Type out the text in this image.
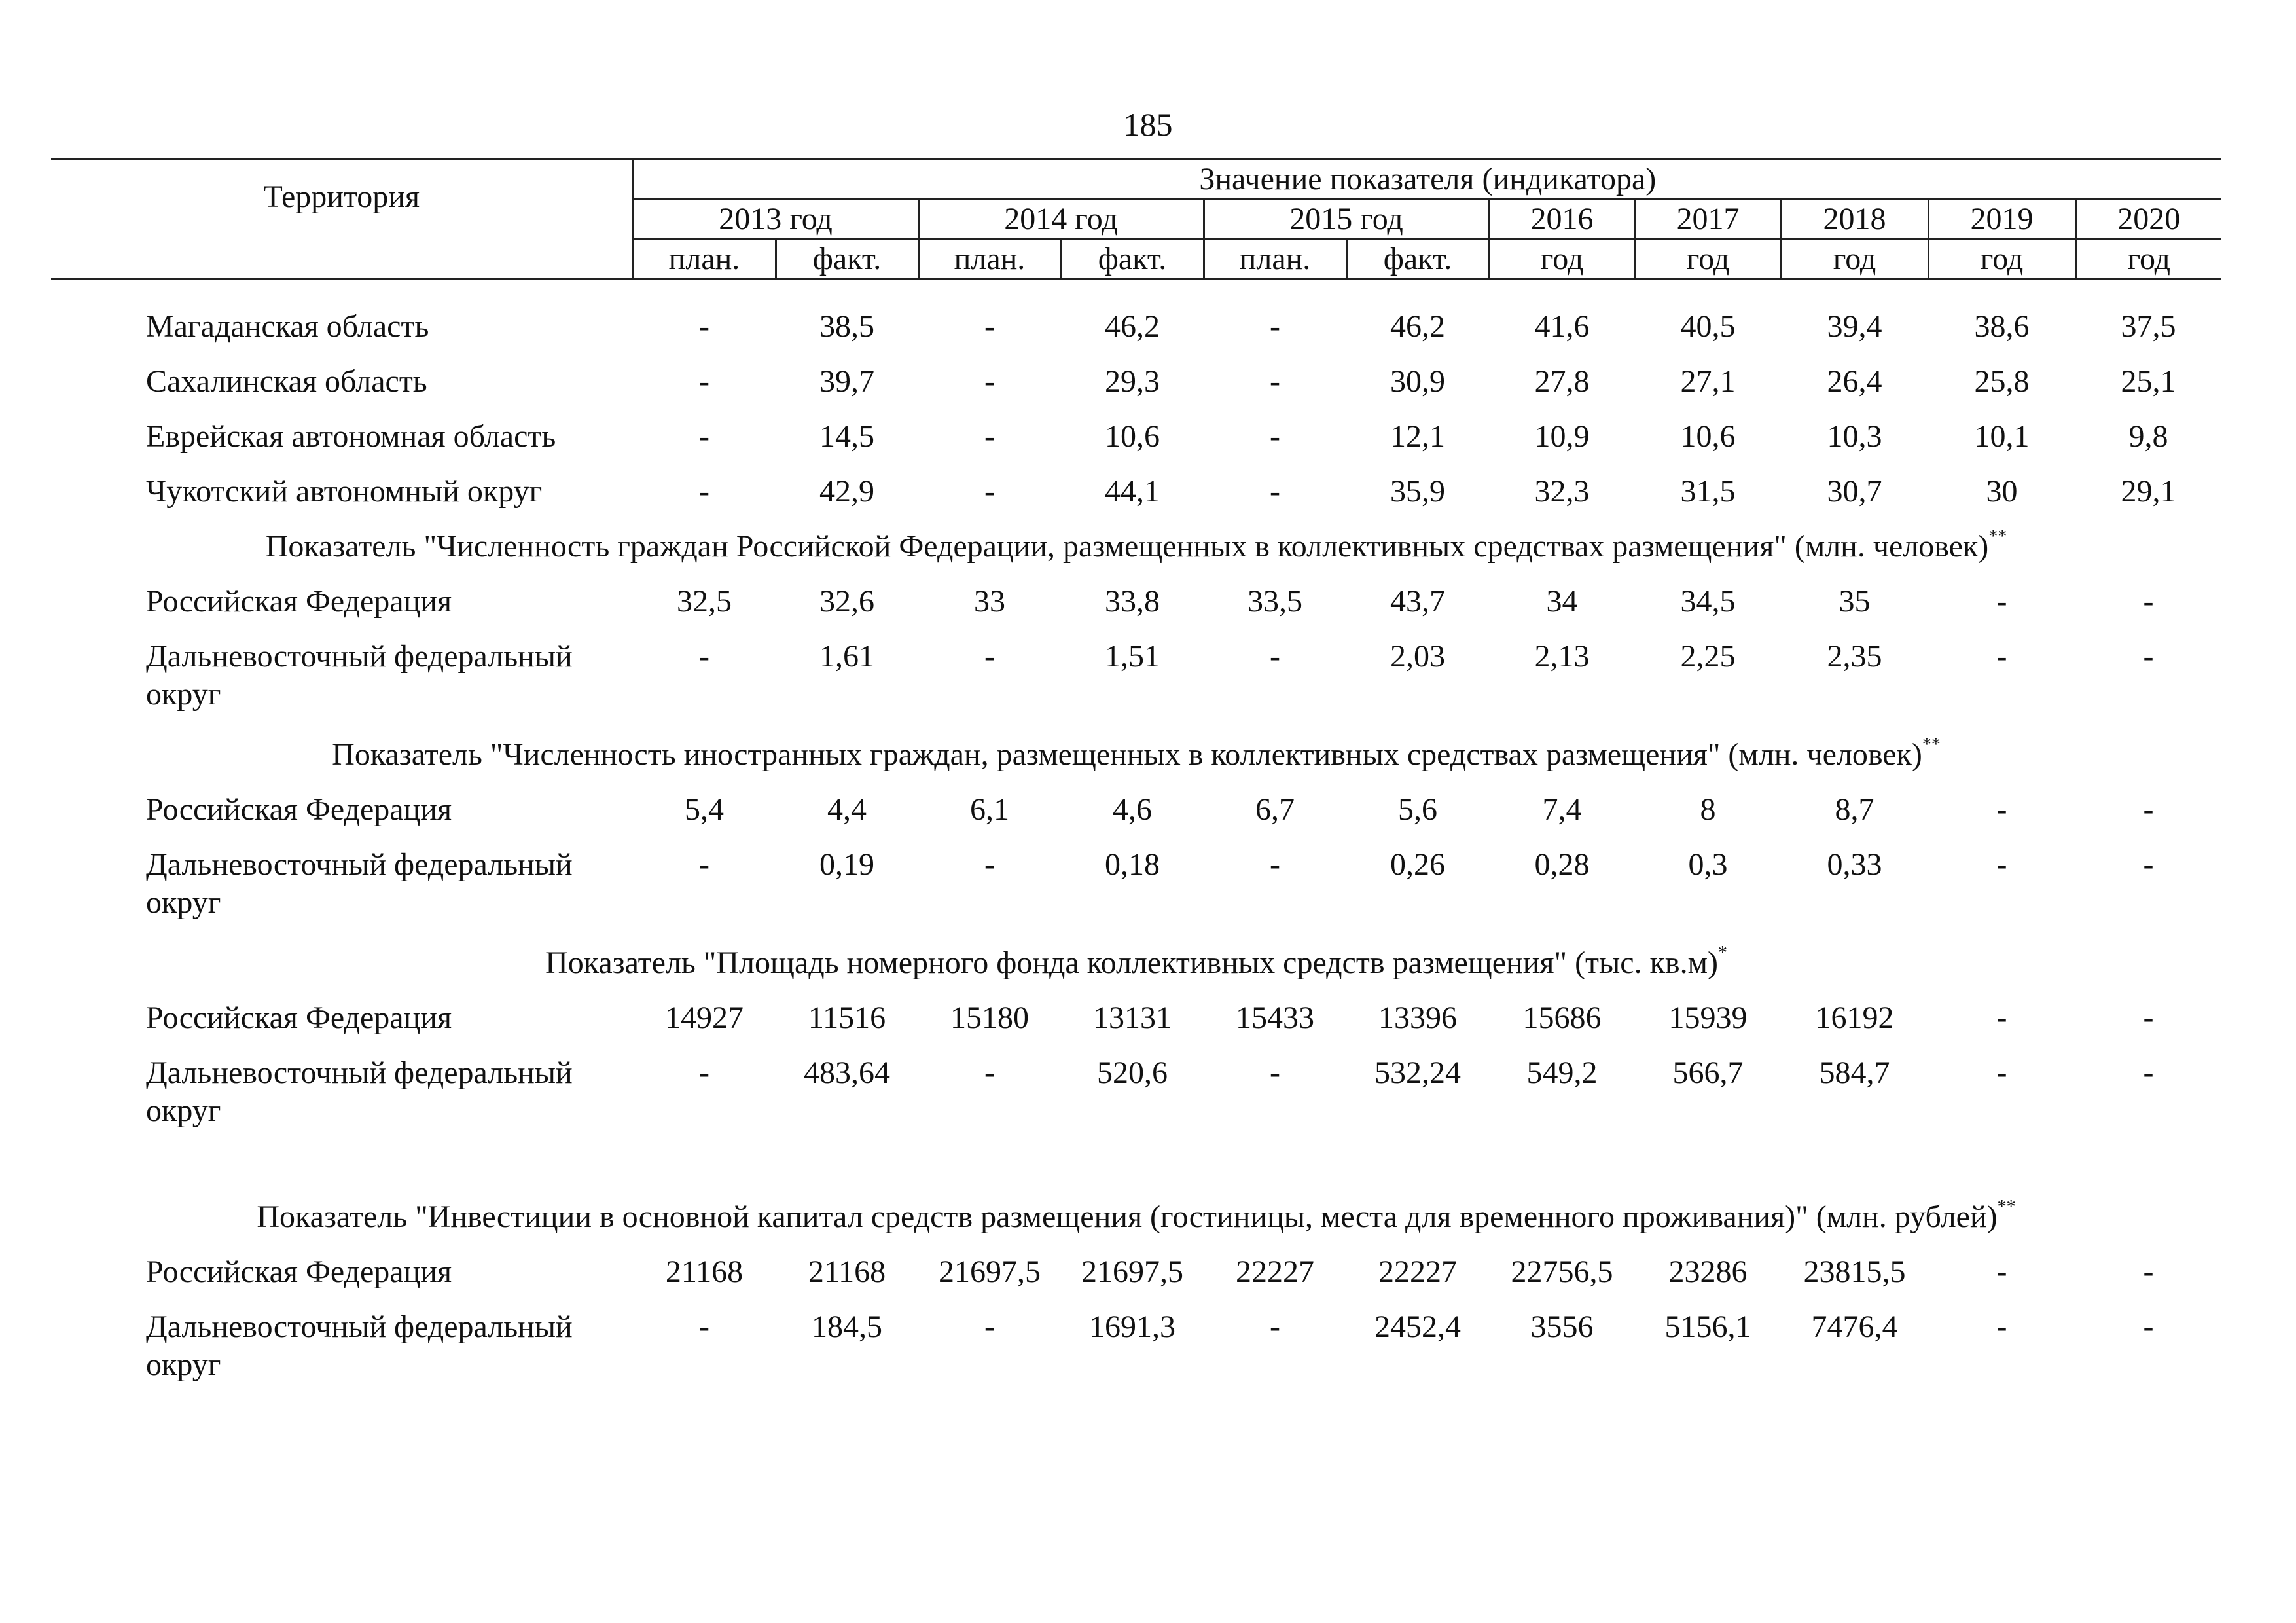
185
Территория	Значение показателя (индикатора)										
	2013 год		2014 год		2015 год		2016	2017	2018	2019	2020
	план.	факт.	план.	факт.	план.	факт.	год	год	год	год	год
Магаданская область	-	38,5	-	46,2	-	46,2	41,6	40,5	39,4	38,6	37,5
Сахалинская область	-	39,7	-	29,3	-	30,9	27,8	27,1	26,4	25,8	25,1
Еврейская автономная область	-	14,5	-	10,6	-	12,1	10,9	10,6	10,3	10,1	9,8
Чукотский автономный округ	-	42,9	-	44,1	-	35,9	32,3	31,5	30,7	30	29,1
Показатель "Численность граждан Российской Федерации, размещенных в коллективных средствах размещения" (млн. человек)**
Российская Федерация	32,5	32,6	33	33,8	33,5	43,7	34	34,5	35	-	-

Дальневосточный федеральный
округ	-	1,61	-	1,51	-	2,03	2,13	2,25	2,35	-	-
Показатель "Численность иностранных граждан, размещенных в коллективных средствах размещения" (млн. человек)**
Российская Федерация	5,4	4,4	6,1	4,6	6,7	5,6	7,4	8	8,7	-	-

Дальневосточный федеральный
округ	-	0,19	-	0,18	-	0,26	0,28	0,3	0,33	-	-
Показатель "Площадь номерного фонда коллективных средств размещения" (тыс. кв.м)*
Российская Федерация	14927	11516	15180	13131	15433	13396	15686	15939	16192	-	-

Дальневосточный федеральный
округ	-	483,64	-	520,6	-	532,24	549,2	566,7	584,7	-	-

Показатель "Инвестиции в основной капитал средств размещения (гостиницы, места для временного проживания)" (млн. рублей)**
Российская Федерация	21168	21168	21697,5	21697,5	22227	22227	22756,5	23286	23815,5	-	-

Дальневосточный федеральный
округ	-	184,5	-	1691,3	-	2452,4	3556	5156,1	7476,4	-	-
